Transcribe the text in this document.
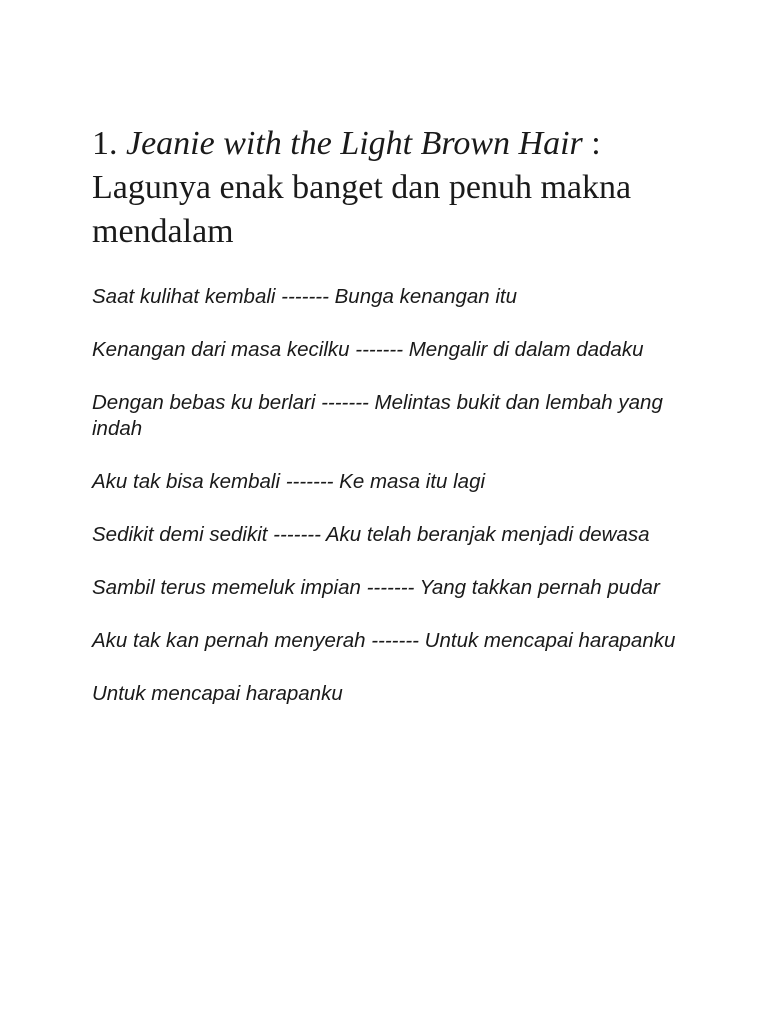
1. Jeanie with the Light Brown Hair : Lagunya enak banget dan penuh makna mendalam

Saat kulihat kembali ------- Bunga kenangan itu

Kenangan dari masa kecilku ------- Mengalir di dalam dadaku

Dengan bebas ku berlari ------- Melintas bukit dan lembah yang indah

Aku tak bisa kembali ------- Ke masa itu lagi

Sedikit demi sedikit ------- Aku telah beranjak menjadi dewasa

Sambil terus memeluk impian ------- Yang takkan pernah pudar

Aku tak kan pernah menyerah ------- Untuk mencapai harapanku

Untuk mencapai harapanku
